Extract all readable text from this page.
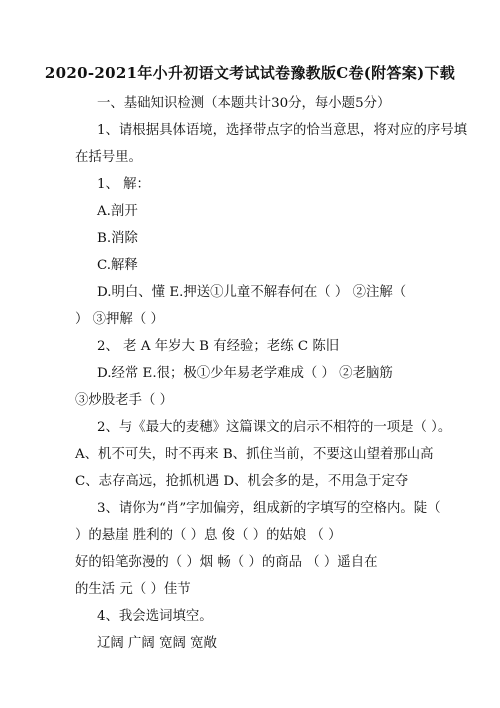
2020-2021年小升初语文考试试卷豫教版C卷(附答案)下载
一、基础知识检测（本题共计30分，每小题5分）
1、请根据具体语境，选择带点字的恰当意思，将对应的序号填
在括号里。
1、 解：
A.剖开
B.消除
C.解释
D.明白、懂 E.押送①儿童不解春何在（ ） ②注解（
） ③押解（ ）
2、 老 A 年岁大 B 有经验；老练 C 陈旧
D.经常 E.很；极①少年易老学难成（ ） ②老脑筋
③炒股老手（ ）
2、与《最大的麦穗》这篇课文的启示不相符的一项是（ ）。
A、机不可失，时不再来 B、抓住当前，不要这山望着那山高
C、志存高远，抢抓机遇 D、机会多的是，不用急于定夺
3、请你为“肖”字加偏旁，组成新的字填写的空格内。陡（
）的悬崖 胜利的（ ）息 俊（ ）的姑娘 （ ）
好的铅笔弥漫的（ ）烟 畅（ ）的商品 （ ）遥自在
的生活 元（ ）佳节
4、我会选词填空。
辽阔 广阔 宽阔 宽敞
